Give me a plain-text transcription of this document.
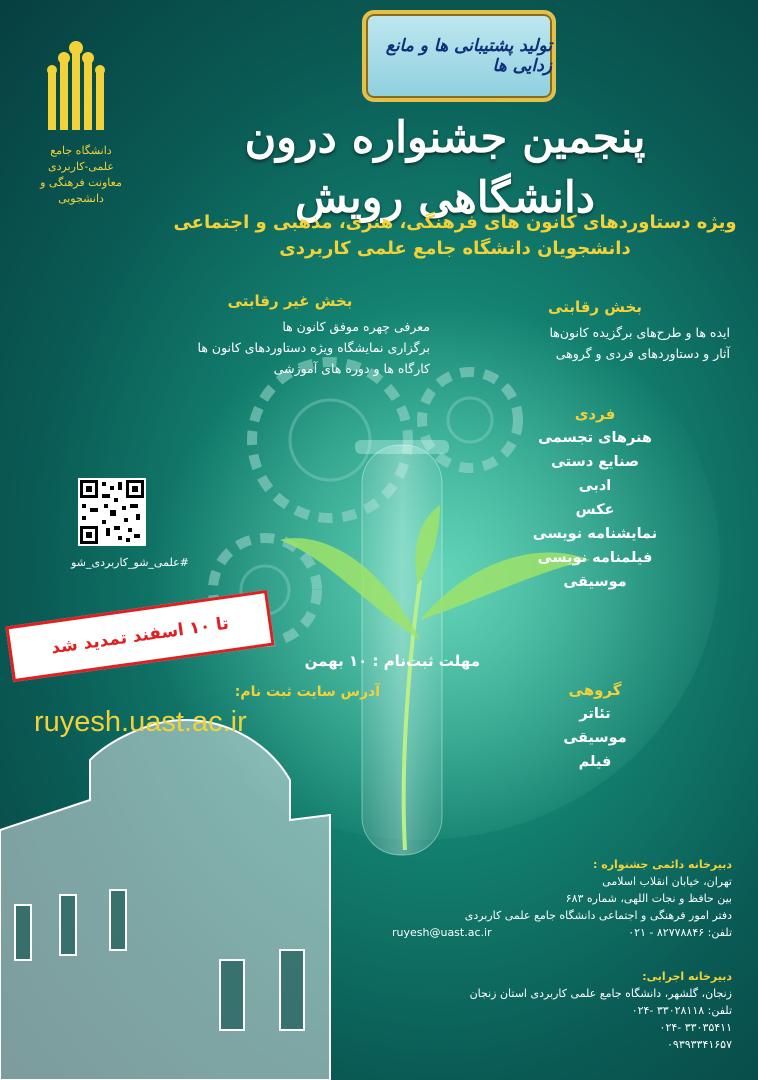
دانشگاه جامع
علمی-کاربردی
معاونت فرهنگی و دانشجویی
تولید پشتیبانی ها و مانع زدایی ها
پنجمین جشنواره درون دانشگاهی رویش
ویژه دستاوردهای کانون های فرهنگی، هنری، مذهبی و اجتماعی
دانشجویان دانشگاه جامع علمی کاربردی
بخش غیر رقابتی
معرفی چهره موفق کانون ها
برگزاری نمایشگاه ویژه دستاوردهای کانون ها
کارگاه ها و دوره های آموزشی
بخش رقابتی
ایده ها و طرح‌های برگزیده کانون‌ها
آثار و دستاوردهای فردی و گروهی
فردی
هنرهای تجسمی
صنایع دستی
ادبی
عکس
نمایشنامه نویسی
فیلمنامه نویسی
موسیقی
گروهی
تئاتر
موسیقی
فیلم
#علمی_شو_کاربردی_شو
تا ۱۰ اسفند تمدید شد
مهلت ثبت‌نام : ۱۰ بهمن
آدرس سایت ثبت نام:
ruyesh.uast.ac.ir
دبیرخانه دائمی جشنواره :
تهران، خیابان انقلاب اسلامی
بین حافظ و نجات اللهی، شماره ۶۸۳
دفتر امور فرهنگی و اجتماعی دانشگاه جامع علمی کاربردی
تلفن: ۸۲۷۷۸۸۴۶ - ۰۲۱
ruyesh@uast.ac.ir
دبیرخانه اجرایی:
زنجان، گلشهر، دانشگاه جامع علمی کاربردی استان زنجان
تلفن: ۳۳۰۲۸۱۱۸ -۰۲۴
۳۳۰۳۵۴۱۱ -۰۲۴
۰۹۳۹۳۳۴۱۶۵۷
